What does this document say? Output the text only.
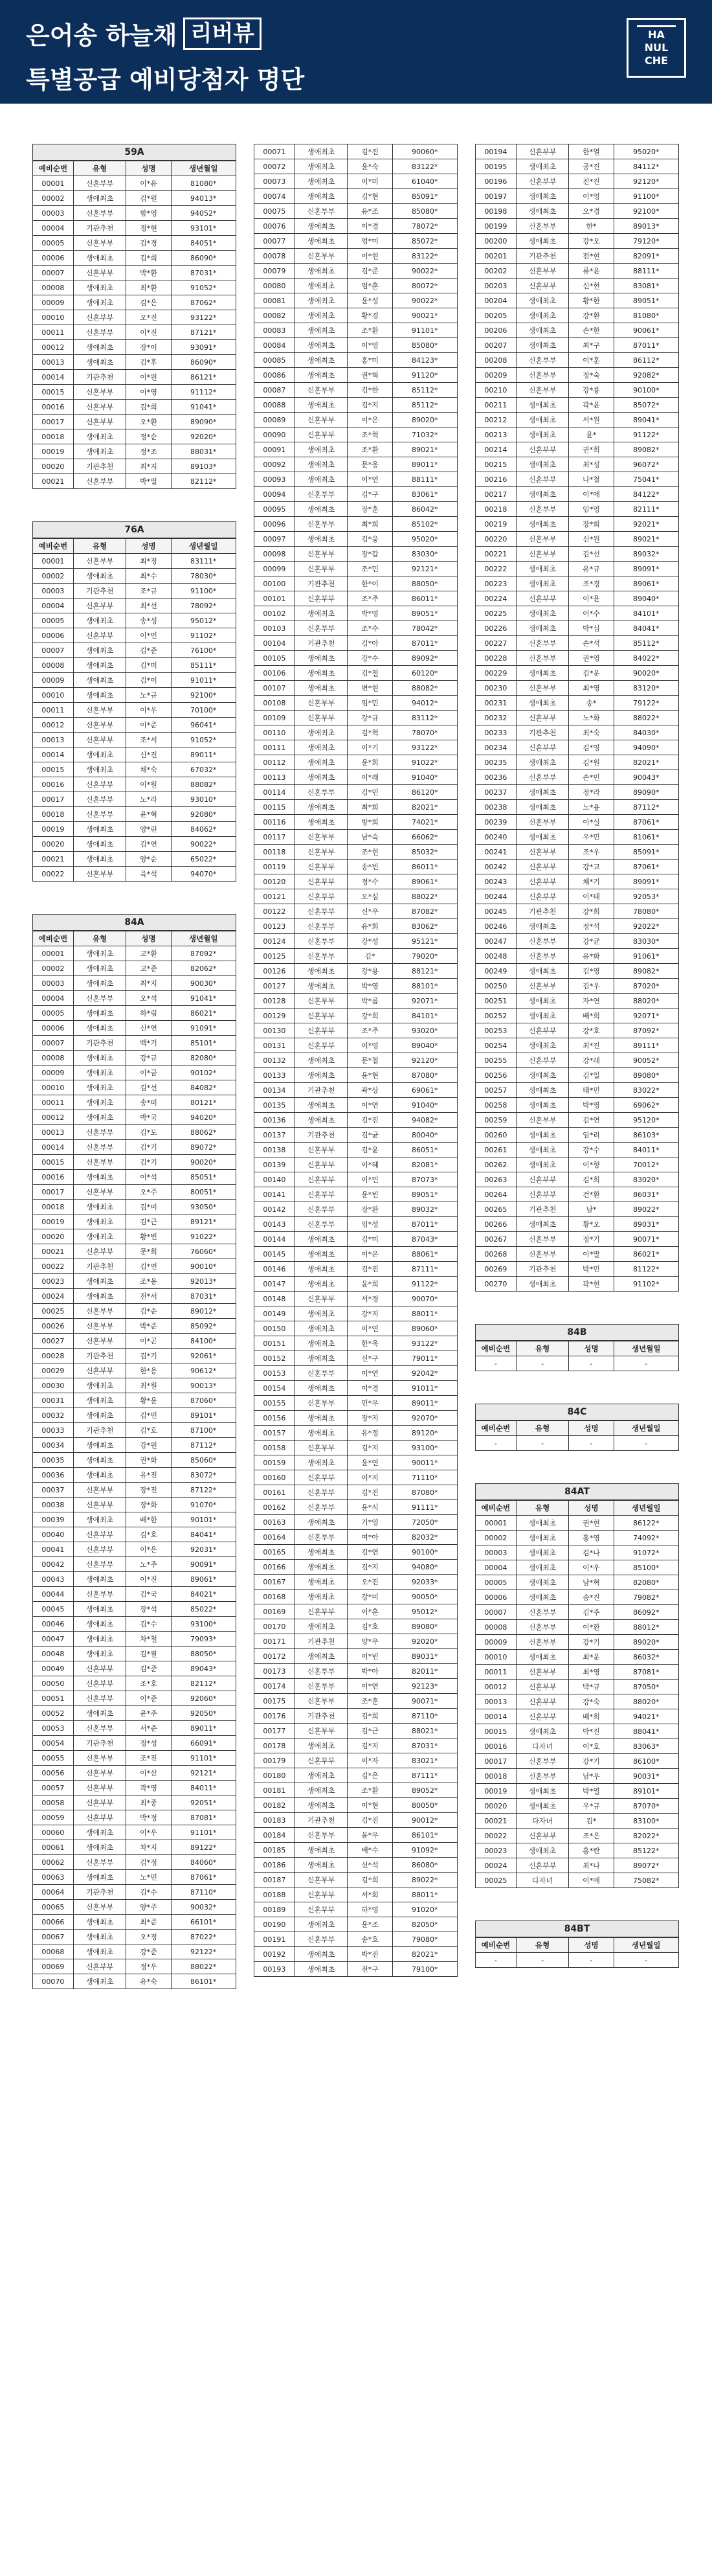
은어송 하늘채 리버뷰
특별공급 예비당첨자 명단
HA
NUL
CHE
59A
예비순번	유형	성명	생년월일
00001	신혼부부	이*유	81080*
00002	생애최초	김*원	94013*
00003	신혼부부	함*영	94052*
00004	기관추천	정*현	93101*
00005	신혼부부	김*경	84051*
00006	생애최초	김*희	86090*
00007	신혼부부	박*환	87031*
00008	생애최초	최*환	91052*
00009	생애최초	김*은	87062*
00010	신혼부부	오*진	93122*
00011	신혼부부	이*진	87121*
00012	생애최초	장*이	93091*
00013	생애최초	김*후	86090*
00014	기관추천	이*원	86121*
00015	신혼부부	이*영	91112*
00016	신혼부부	김*희	91041*
00017	신혼부부	오*환	89090*
00018	생애최초	정*순	92020*
00019	생애최초	정*조	88031*
00020	기관추천	최*지	89103*
00021	신혼부부	박*열	82112*
76A
예비순번	유형	성명	생년월일
00001	신혼부부	최*정	83111*
00002	생애최초	최*수	78030*
00003	기관추천	조*규	91100*
00004	신혼부부	최*선	78092*
00005	생애최초	송*성	95012*
00006	신혼부부	이*민	91102*
00007	생애최초	김*준	76100*
00008	생애최초	김*미	85111*
00009	생애최초	김*이	91011*
00010	생애최초	노*규	92100*
00011	신혼부부	이*우	70100*
00012	신혼부부	이*준	96041*
00013	신혼부부	조*서	91052*
00014	생애최초	신*진	89011*
00015	생애최초	채*숙	67032*
00016	신혼부부	이*원	88082*
00017	신혼부부	노*라	93010*
00018	신혼부부	윤*혁	92080*
00019	생애최초	양*린	84062*
00020	생애최초	김*연	90022*
00021	생애최초	양*순	65022*
00022	신혼부부	육*석	94070*
84A
예비순번	유형	성명	생년월일
00001	생애최초	고*환	87092*
00002	생애최초	고*준	82062*
00003	생애최초	최*지	90030*
00004	신혼부부	오*석	91041*
00005	생애최초	하*림	86021*
00006	생애최초	신*연	91091*
00007	기관추천	백*기	85101*
00008	생애최초	강*규	82080*
00009	생애최초	이*금	90102*
00010	생애최초	김*선	84082*
00011	생애최초	송*미	80121*
00012	생애최초	박*국	94020*
00013	신혼부부	김*도	88062*
00014	신혼부부	김*기	89072*
00015	신혼부부	김*기	90020*
00016	생애최초	이*석	85051*
00017	신혼부부	오*주	80051*
00018	생애최초	김*미	93050*
00019	생애최초	김*근	89121*
00020	생애최초	황*빈	91022*
00021	신혼부부	문*희	76060*
00022	기관추천	김*연	90010*
00023	생애최초	조*용	92013*
00024	생애최초	전*서	87031*
00025	신혼부부	김*순	89012*
00026	신혼부부	박*준	85092*
00027	신혼부부	이*곤	84100*
00028	기관추천	김*기	92061*
00029	신혼부부	한*용	90612*
00030	생애최초	최*원	90013*
00031	생애최초	황*윤	87060*
00032	생애최초	김*민	89101*
00033	기관추천	김*호	87100*
00034	생애최초	강*원	87112*
00035	생애최초	권*화	85060*
00036	생애최초	유*진	83072*
00037	신혼부부	장*진	87122*
00038	신혼부부	장*화	91070*
00039	생애최초	배*한	90101*
00040	신혼부부	김*호	84041*
00041	신혼부부	이*은	92031*
00042	신혼부부	노*주	90091*
00043	생애최초	이*진	89061*
00044	신혼부부	김*국	84021*
00045	생애최초	장*석	85022*
00046	생애최초	김*수	93100*
00047	생애최초	차*철	79093*
00048	생애최초	김*필	88050*
00049	신혼부부	김*준	89043*
00050	신혼부부	조*호	82112*
00051	신혼부부	이*준	92060*
00052	생애최초	윤*주	92050*
00053	신혼부부	서*준	89011*
00054	기관추천	정*성	66091*
00055	신혼부부	조*진	91101*
00056	신혼부부	이*산	92121*
00057	신혼부부	곽*영	84011*
00058	신혼부부	최*종	92051*
00059	신혼부부	박*정	87081*
00060	생애최초	이*우	91101*
00061	생애최초	차*지	89122*
00062	신혼부부	김*정	84060*
00063	생애최초	노*민	87061*
00064	기관추천	김*수	87110*
00065	신혼부부	양*주	90032*
00066	생애최초	최*준	66101*
00067	생애최초	오*정	87022*
00068	생애최초	강*준	92122*
00069	신혼부부	정*우	88022*
00070	생애최초	유*숙	86101*
00071	생애최초	김*진	90060*
00072	생애최초	윤*숙	83122*
00073	생애최초	이*미	61040*
00074	생애최초	김*현	85091*
00075	신혼부부	유*조	85080*
00076	생애최초	이*경	78072*
00077	생애최초	엄*미	85072*
00078	신혼부부	이*현	83122*
00079	생애최초	김*준	90022*
00080	생애최초	엄*훈	80072*
00081	생애최초	윤*성	90022*
00082	생애최초	황*경	90021*
00083	생애최초	조*환	91101*
00084	생애최초	이*영	85080*
00085	생애최초	홍*미	84123*
00086	생애최초	권*혁	91120*
00087	신혼부부	김*한	85112*
00088	생애최초	김*지	85112*
00089	신혼부부	이*은	89020*
00090	신혼부부	조*혁	71032*
00091	생애최초	조*환	89021*
00092	생애최초	문*웅	89011*
00093	생애최초	이*연	88111*
00094	신혼부부	김*구	83061*
00095	생애최초	장*훈	86042*
00096	신혼부부	최*희	85102*
00097	생애최초	김*웅	95020*
00098	신혼부부	장*갑	83030*
00099	신혼부부	조*민	92121*
00100	기관추천	한*이	88050*
00101	신혼부부	조*주	86011*
00102	생애최초	박*영	89051*
00103	신혼부부	조*수	78042*
00104	기관추천	김*아	87011*
00105	생애최초	강*수	89092*
00106	생애최초	김*철	60120*
00107	생애최초	변*현	88082*
00108	신혼부부	임*민	94012*
00109	신혼부부	강*규	83112*
00110	생애최초	김*혁	78070*
00111	생애최초	이*기	93122*
00112	생애최초	윤*희	91022*
00113	생애최초	이*래	91040*
00114	신혼부부	김*민	86120*
00115	생애최초	최*희	82021*
00116	생애최초	방*희	74021*
00117	신혼부부	남*숙	66062*
00118	신혼부부	조*현	85032*
00119	신혼부부	송*빈	86011*
00120	신혼부부	정*수	89061*
00121	신혼부부	오*심	88022*
00122	신혼부부	신*우	87082*
00123	신혼부부	유*희	83062*
00124	신혼부부	강*성	95121*
00125	신혼부부	김*	79020*
00126	생애최초	강*용	88121*
00127	생애최초	박*영	88101*
00128	신혼부부	박*름	92071*
00129	신혼부부	강*희	84101*
00130	신혼부부	조*주	93020*
00131	신혼부부	이*영	89040*
00132	생애최초	문*철	92120*
00133	생애최초	윤*현	87080*
00134	기관추천	곽*상	69061*
00135	생애최초	이*연	91040*
00136	생애최초	김*진	94082*
00137	기관추천	김*균	80040*
00138	신혼부부	김*윤	86051*
00139	신혼부부	이*혜	82081*
00140	신혼부부	이*민	87073*
00141	신혼부부	윤*빈	89051*
00142	신혼부부	장*완	89032*
00143	신혼부부	임*성	87011*
00144	생애최초	김*미	87043*
00145	생애최초	이*은	88061*
00146	생애최초	김*진	87111*
00147	생애최초	윤*희	91122*
00148	신혼부부	서*경	90070*
00149	생애최초	강*지	88011*
00150	생애최초	이*연	89060*
00151	생애최초	한*욱	93122*
00152	생애최초	신*구	79011*
00153	신혼부부	이*연	92042*
00154	생애최초	이*경	91011*
00155	신혼부부	민*우	89011*
00156	생애최초	장*지	92070*
00157	생애최초	유*정	89120*
00158	신혼부부	김*지	93100*
00159	생애최초	윤*연	90011*
00160	신혼부부	이*지	71110*
00161	신혼부부	김*진	87080*
00162	신혼부부	윤*식	91111*
00163	생애최초	기*영	72050*
00164	신혼부부	여*아	82032*
00165	생애최초	김*연	90100*
00166	생애최초	김*지	94080*
00167	생애최초	오*진	92033*
00168	생애최초	강*미	90050*
00169	신혼부부	이*훈	95012*
00170	생애최초	김*호	89080*
00171	기관추천	양*우	92020*
00172	생애최초	이*빈	89031*
00173	신혼부부	박*아	82011*
00174	신혼부부	이*연	92123*
00175	신혼부부	조*훈	90071*
00176	기관추천	김*희	87110*
00177	신혼부부	김*근	88021*
00178	생애최초	김*지	87031*
00179	신혼부부	이*자	83021*
00180	생애최초	김*은	87111*
00181	생애최초	조*환	89052*
00182	생애최초	이*현	80050*
00183	기관추천	김*진	90012*
00184	신혼부부	윤*우	86101*
00185	생애최초	배*수	91092*
00186	생애최초	신*석	86080*
00187	신혼부부	김*희	89022*
00188	신혼부부	서*회	88011*
00189	신혼부부	하*영	91020*
00190	생애최초	윤*조	82050*
00191	신혼부부	송*호	79080*
00192	생애최초	박*진	82021*
00193	생애최초	전*구	79100*
00194	신혼부부	한*열	95020*
00195	생애최초	공*진	84112*
00196	신혼부부	진*진	92120*
00197	생애최초	이*영	91100*
00198	생애최초	오*경	92100*
00199	신혼부부	한*	89013*
00200	생애최초	강*오	79120*
00201	기관추천	전*현	82091*
00202	신혼부부	류*윤	88111*
00203	신혼부부	신*현	83081*
00204	생애최초	황*한	89051*
00205	생애최초	강*환	81080*
00206	생애최초	손*한	90061*
00207	생애최초	최*구	87011*
00208	신혼부부	이*훈	86112*
00209	신혼부부	정*숙	92082*
00210	신혼부부	강*룡	90100*
00211	생애최초	곽*윤	85072*
00212	생애최초	서*원	89041*
00213	생애최초	윤*	91122*
00214	신혼부부	권*희	89082*
00215	생애최초	최*성	96072*
00216	신혼부부	나*철	75041*
00217	생애최초	이*애	84122*
00218	신혼부부	임*영	82111*
00219	생애최초	장*희	92021*
00220	신혼부부	신*원	89021*
00221	신혼부부	김*선	89032*
00222	생애최초	유*규	89091*
00223	생애최초	조*경	89061*
00224	신혼부부	이*윤	89040*
00225	생애최초	이*수	84101*
00226	생애최초	박*심	84041*
00227	신혼부부	손*석	85112*
00228	신혼부부	권*영	84022*
00229	생애최초	김*운	90020*
00230	신혼부부	최*영	83120*
00231	생애최초	송*	79122*
00232	신혼부부	노*화	88022*
00233	기관추천	최*숙	84030*
00234	신혼부부	김*영	94090*
00235	생애최초	김*원	82021*
00236	신혼부부	손*민	90043*
00237	생애최초	정*라	89090*
00238	생애최초	노*용	87112*
00239	신혼부부	이*실	87061*
00240	생애최초	우*민	81061*
00241	신혼부부	조*우	85091*
00242	신혼부부	강*교	87061*
00243	신혼부부	채*기	89091*
00244	신혼부부	이*태	92053*
00245	기관추천	강*희	78080*
00246	생애최초	정*석	92022*
00247	신혼부부	강*균	83030*
00248	신혼부부	유*화	91061*
00249	생애최초	김*영	89082*
00250	신혼부부	김*우	87020*
00251	생애최초	자*연	88020*
00252	생애최초	배*희	92071*
00253	신혼부부	강*호	87092*
00254	생애최초	최*진	89111*
00255	신혼부부	강*래	90052*
00256	생애최초	김*일	89080*
00257	생애최초	태*민	83022*
00258	생애최초	박*영	69062*
00259	신혼부부	김*연	95120*
00260	생애최초	임*리	86103*
00261	생애최초	강*수	84011*
00262	생애최초	이*향	70012*
00263	신혼부부	김*희	83020*
00264	신혼부부	건*환	86031*
00265	기관추천	남*	89022*
00266	생애최초	황*오	89031*
00267	신혼부부	정*기	90071*
00268	신혼부부	이*말	86021*
00269	기관추천	박*민	81122*
00270	생애최초	곽*현	91102*
84B
예비순번	유형	성명	생년월일
-	-	-	-
84C
예비순번	유형	성명	생년월일
-	-	-	-
84AT
예비순번	유형	성명	생년월일
00001	생애최초	권*현	86122*
00002	생애최초	홍*영	74092*
00003	생애최초	김*나	91072*
00004	생애최초	이*우	85100*
00005	생애최초	남*혁	82080*
00006	생애최초	송*진	79082*
00007	신혼부부	김*주	86092*
00008	신혼부부	이*환	88012*
00009	신혼부부	강*기	89020*
00010	생애최초	최*운	86032*
00011	신혼부부	최*영	87081*
00012	신혼부부	박*규	87050*
00013	신혼부부	강*숙	88020*
00014	신혼부부	배*희	94021*
00015	생애최초	박*진	88041*
00016	다자녀	이*호	83063*
00017	신혼부부	강*기	86100*
00018	신혼부부	남*우	90031*
00019	생애최초	박*열	89101*
00020	생애최초	우*규	87070*
00021	다자녀	김*	83100*
00022	신혼부부	조*은	82022*
00023	생애최초	홍*란	85122*
00024	신혼부부	최*나	89072*
00025	다자녀	이*애	75082*
84BT
예비순번	유형	성명	생년월일
-	-	-	-
